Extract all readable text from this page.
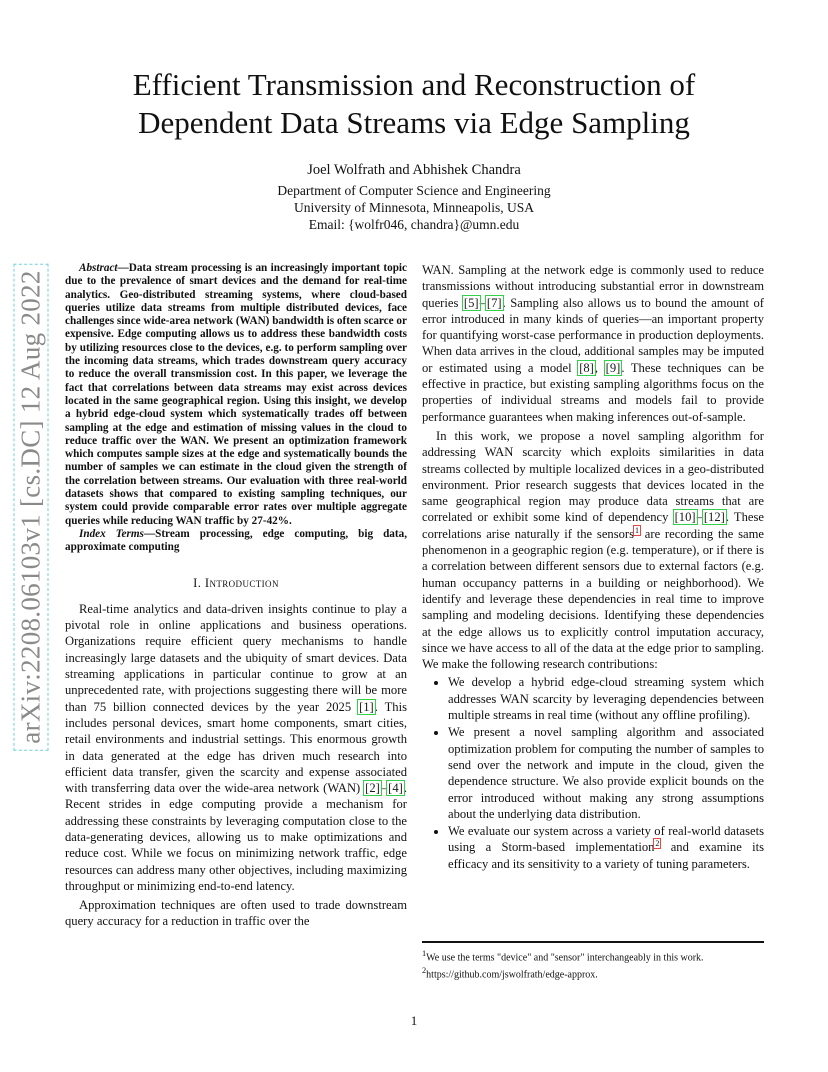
arXiv:2208.06103v1 [cs.DC] 12 Aug 2022
Efficient Transmission and Reconstruction of
Dependent Data Streams via Edge Sampling
Joel Wolfrath and Abhishek Chandra
Department of Computer Science and Engineering
University of Minnesota, Minneapolis, USA
Email: {wolfr046, chandra}@umn.edu

Abstract—Data stream processing is an increasingly important topic due to the prevalence of smart devices and the demand for real-time analytics. Geo-distributed streaming systems, where cloud-based queries utilize data streams from multiple distributed devices, face challenges since wide-area network (WAN) bandwidth is often scarce or expensive. Edge computing allows us to address these bandwidth costs by utilizing resources close to the devices, e.g. to perform sampling over the incoming data streams, which trades downstream query accuracy to reduce the overall transmission cost. In this paper, we leverage the fact that correlations between data streams may exist across devices located in the same geographical region. Using this insight, we develop a hybrid edge-cloud system which systematically trades off between sampling at the edge and estimation of missing values in the cloud to reduce traffic over the WAN. We present an optimization framework which computes sample sizes at the edge and systematically bounds the number of samples we can estimate in the cloud given the strength of the correlation between streams. Our evaluation with three real-world datasets shows that compared to existing sampling techniques, our system could provide comparable error rates over multiple aggregate queries while reducing WAN traffic by 27-42%.

Index Terms—Stream processing, edge computing, big data, approximate computing

I. Introduction

Real-time analytics and data-driven insights continue to play a pivotal role in online applications and business operations. Organizations require efficient query mechanisms to handle increasingly large datasets and the ubiquity of smart devices. Data streaming applications in particular continue to grow at an unprecedented rate, with projections suggesting there will be more than 75 billion connected devices by the year 2025 [1]. This includes personal devices, smart home components, smart cities, retail environments and industrial settings. This enormous growth in data generated at the edge has driven much research into efficient data transfer, given the scarcity and expense associated with transferring data over the wide-area network (WAN) [2]–[4]. Recent strides in edge computing provide a mechanism for addressing these constraints by leveraging computation close to the data-generating devices, allowing us to make optimizations and reduce cost. While we focus on minimizing network traffic, edge resources can address many other objectives, including maximizing throughput or minimizing end-to-end latency.

Approximation techniques are often used to trade downstream query accuracy for a reduction in traffic over the

WAN. Sampling at the network edge is commonly used to reduce transmissions without introducing substantial error in downstream queries [5]–[7]. Sampling also allows us to bound the amount of error introduced in many kinds of queries—an important property for quantifying worst-case performance in production deployments. When data arrives in the cloud, additional samples may be imputed or estimated using a model [8], [9]. These techniques can be effective in practice, but existing sampling algorithms focus on the properties of individual streams and models fail to provide performance guarantees when making inferences out-of-sample.

In this work, we propose a novel sampling algorithm for addressing WAN scarcity which exploits similarities in data streams collected by multiple localized devices in a geo-distributed environment. Prior research suggests that devices located in the same geographical region may produce data streams that are correlated or exhibit some kind of dependency [10]–[12]. These correlations arise naturally if the sensors$^1$ are recording the same phenomenon in a geographic region (e.g. temperature), or if there is a correlation between different sensors due to external factors (e.g. human occupancy patterns in a building or neighborhood). We identify and leverage these dependencies in real time to improve sampling and modeling decisions. Identifying these dependencies at the edge allows us to explicitly control imputation accuracy, since we have access to all of the data at the edge prior to sampling. We make the following research contributions:

• We develop a hybrid edge-cloud streaming system which addresses WAN scarcity by leveraging dependencies between multiple streams in real time (without any offline profiling).
• We present a novel sampling algorithm and associated optimization problem for computing the number of samples to send over the network and impute in the cloud, given the dependence structure. We also provide explicit bounds on the error introduced without making any strong assumptions about the underlying data distribution.
• We evaluate our system across a variety of real-world datasets using a Storm-based implementation$^2$ and examine its efficacy and its sensitivity to a variety of tuning parameters.
$^1$We use the terms "device" and "sensor" interchangeably in this work.
$^2$https://github.com/jswolfrath/edge-approx.
1
